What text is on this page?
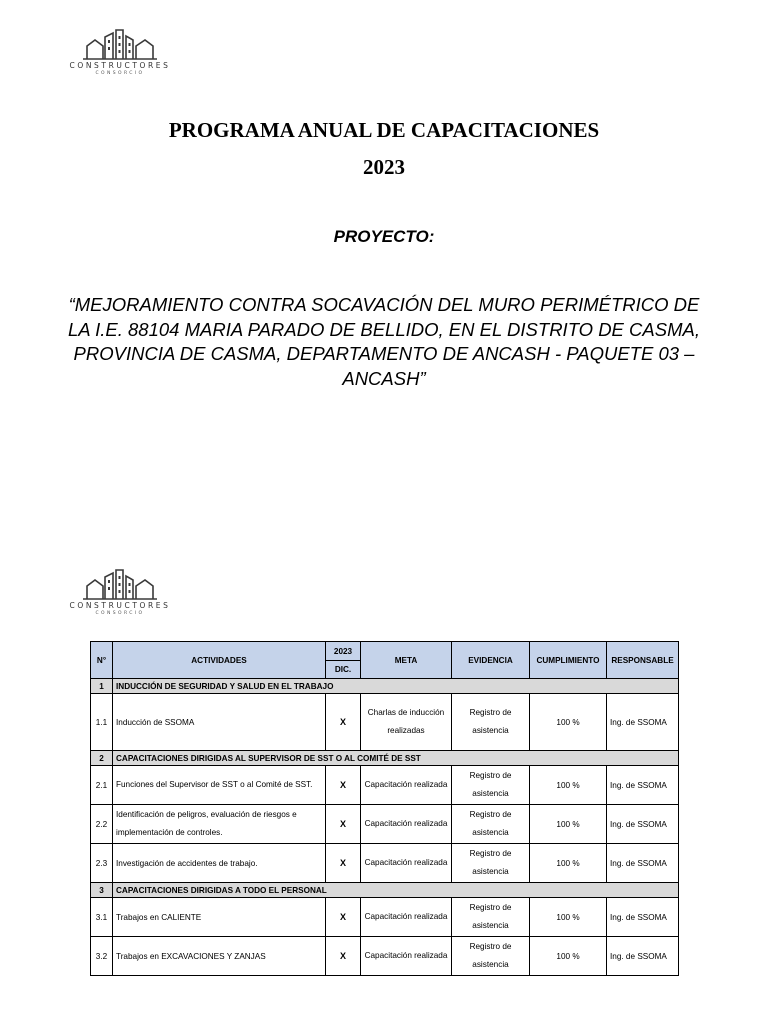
CONSTRUCTORES
CONSORCIO
PROGRAMA ANUAL DE CAPACITACIONES
2023
PROYECTO:
“MEJORAMIENTO CONTRA SOCAVACIÓN DEL MURO PERIMÉTRICO DE LA I.E. 88104 MARIA PARADO DE BELLIDO, EN EL DISTRITO DE CASMA, PROVINCIA DE CASMA, DEPARTAMENTO DE ANCASH - PAQUETE 03 – ANCASH”
CONSTRUCTORES
CONSORCIO
N°	ACTIVIDADES	2023	META	EVIDENCIA	CUMPLIMIENTO	RESPONSABLE
		DIC.				
1	INDUCCIÓN DE SEGURIDAD Y SALUD EN EL TRABAJO					
1.1	Inducción de SSOMA	X	Charlas de inducción realizadas	Registro de asistencia	100 %	Ing. de SSOMA
2	CAPACITACIONES DIRIGIDAS AL SUPERVISOR DE SST O AL COMITÉ DE SST					
2.1	Funciones del Supervisor de SST o al Comité de SST.	X	Capacitación realizada	Registro de asistencia	100 %	Ing. de SSOMA
2.2	Identificación de peligros, evaluación de riesgos e implementación de controles.	X	Capacitación realizada	Registro de asistencia	100 %	Ing. de SSOMA
2.3	Investigación de accidentes de trabajo.	X	Capacitación realizada	Registro de asistencia	100 %	Ing. de SSOMA
3	CAPACITACIONES DIRIGIDAS A TODO EL PERSONAL					
3.1	Trabajos en CALIENTE	X	Capacitación realizada	Registro de asistencia	100 %	Ing. de SSOMA
3.2	Trabajos en EXCAVACIONES Y ZANJAS	X	Capacitación realizada	Registro de asistencia	100 %	Ing. de SSOMA
